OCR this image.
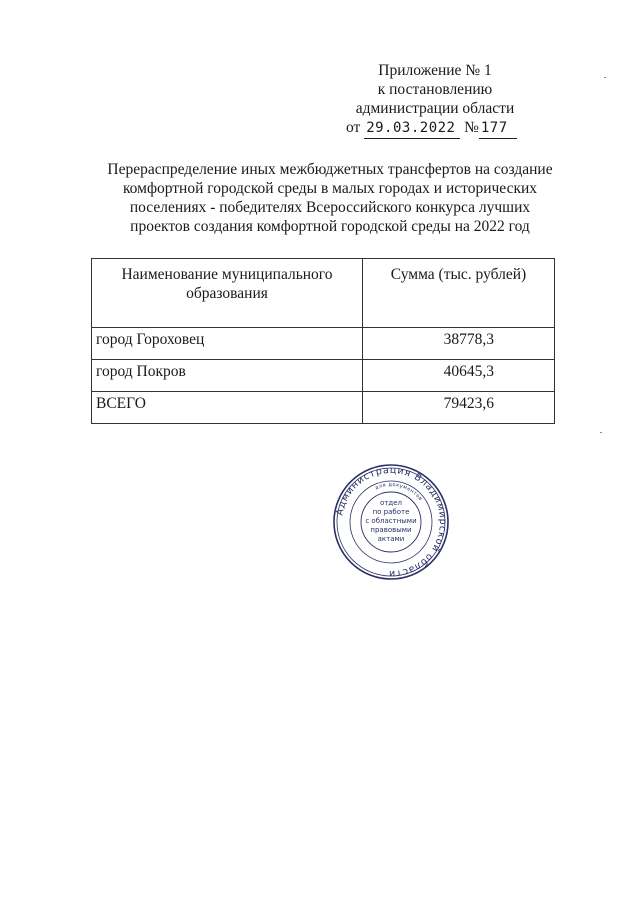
Приложение № 1
к постановлению
администрации области
от 29.03.2022 № 177
Перераспределение иных межбюджетных трансфертов на создание комфортной городской среды в малых городах и исторических поселениях - победителях Всероссийского конкурса лучших проектов создания комфортной городской среды на 2022 год
Наименование муниципального образования	Сумма (тыс. рублей)
город Гороховец	38778,3
город Покров	40645,3
ВСЕГО	79423,6
Администрация Владимирской области
для документов
отдел
по работе
с областными
правовыми
актами
